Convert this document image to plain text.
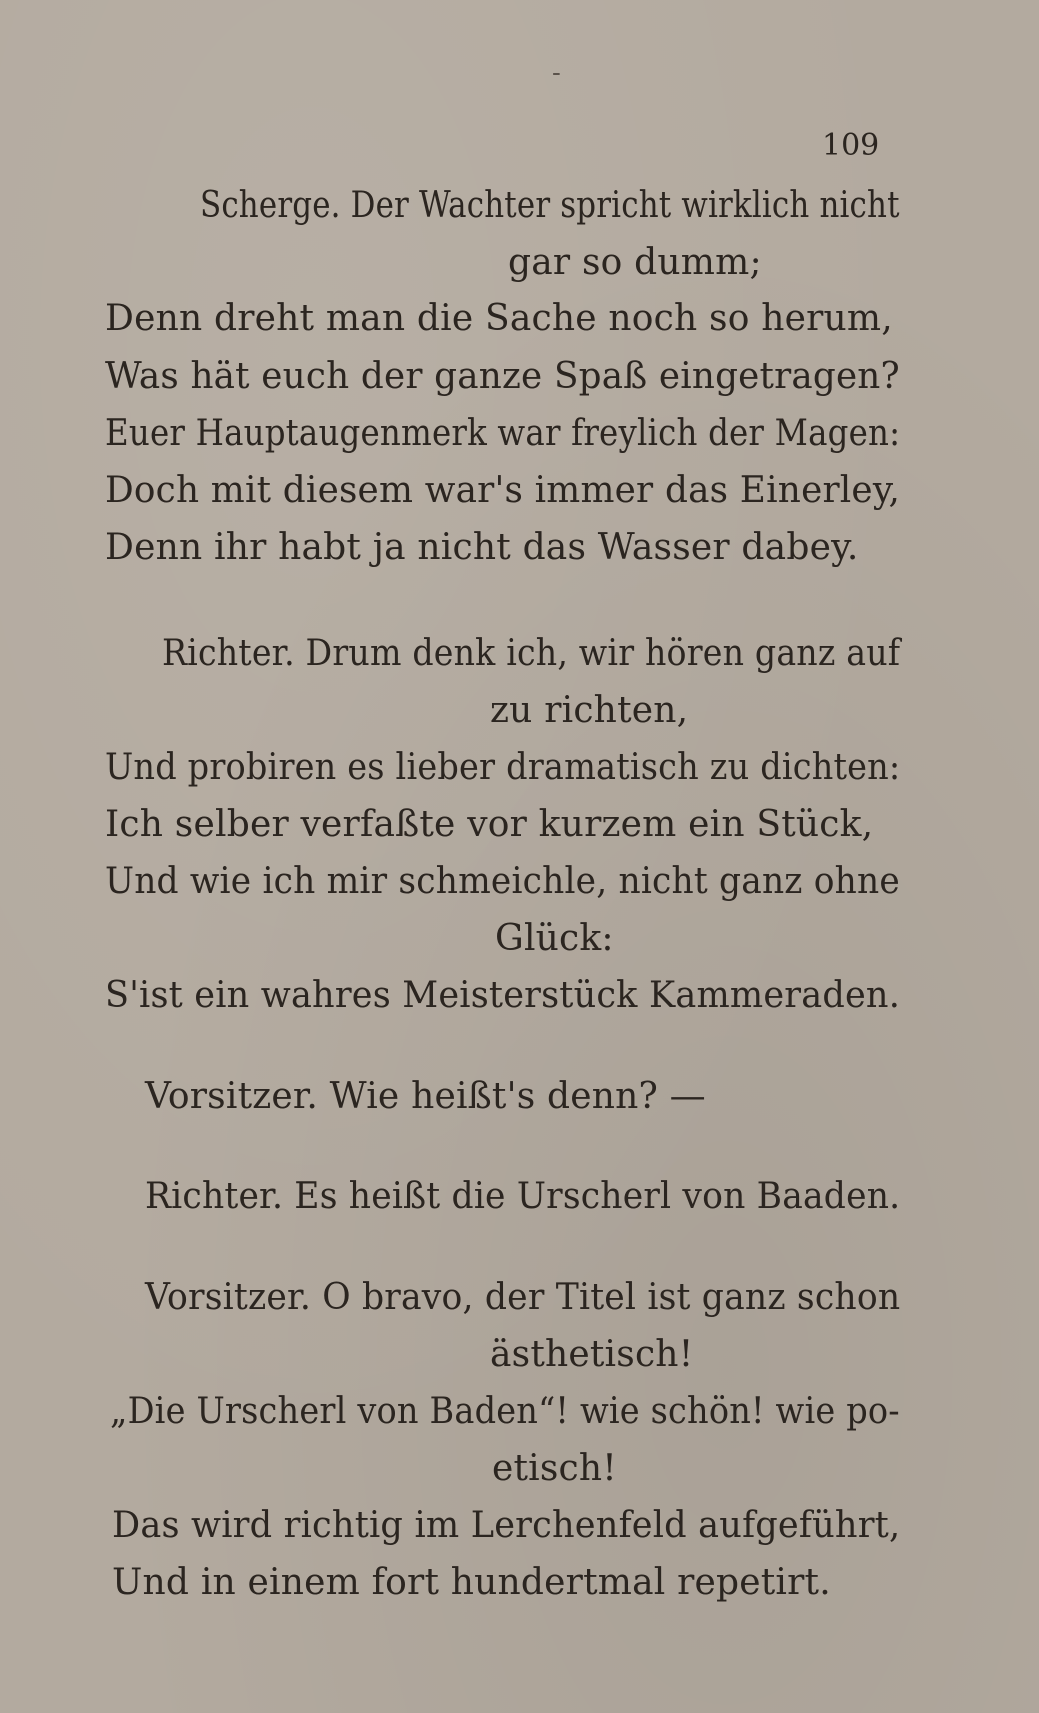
-
109
Scherge. Der Wachter spricht wirklich nicht
gar so dumm;
Denn dreht man die Sache noch so herum,
Was hät euch der ganze Spaß eingetragen?
Euer Hauptaugenmerk war freylich der Magen:
Doch mit diesem war's immer das Einerley,
Denn ihr habt ja nicht das Wasser dabey.
Richter. Drum denk ich, wir hören ganz auf
zu richten,
Und probiren es lieber dramatisch zu dichten:
Ich selber verfaßte vor kurzem ein Stück,
Und wie ich mir schmeichle, nicht ganz ohne
Glück:
S'ist ein wahres Meisterstück Kammeraden.
Vorsitzer. Wie heißt's denn? —
Richter. Es heißt die Urscherl von Baaden.
Vorsitzer. O bravo, der Titel ist ganz schon
ästhetisch!
„Die Urscherl von Baden“! wie schön! wie po-
etisch!
Das wird richtig im Lerchenfeld aufgeführt,
Und in einem fort hundertmal repetirt.
